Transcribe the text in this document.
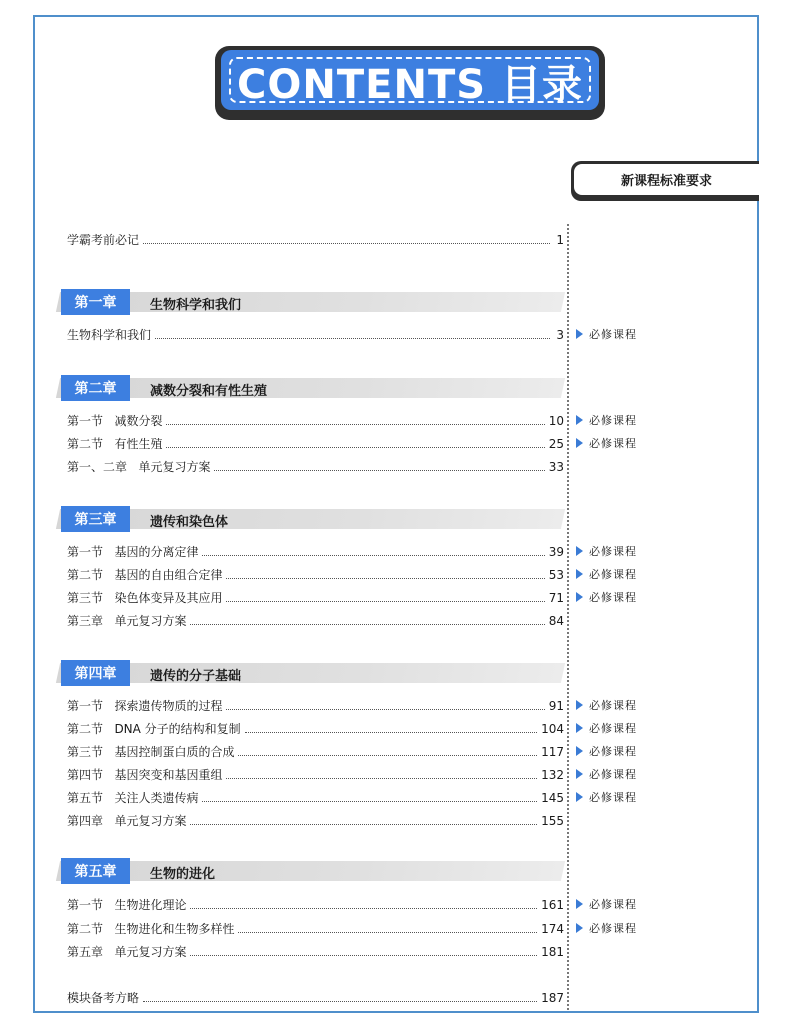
CONTENTS 目录
新课程标准要求
学霸考前必记	1
第一章	生物科学和我们
生物科学和我们	3 必修课程
第二章	减数分裂和有性生殖
第一节   减数分裂	10 必修课程
第二节   有性生殖	25 必修课程
第一、二章   单元复习方案	33
第三章	遗传和染色体
第一节   基因的分离定律	39 必修课程
第二节   基因的自由组合定律	53 必修课程
第三节   染色体变异及其应用	71 必修课程
第三章   单元复习方案	84
第四章	遗传的分子基础
第一节   探索遗传物质的过程	91 必修课程
第二节   DNA 分子的结构和复制	104 必修课程
第三节   基因控制蛋白质的合成	117 必修课程
第四节   基因突变和基因重组	132 必修课程
第五节   关注人类遗传病	145 必修课程
第四章   单元复习方案	155
第五章	生物的进化
第一节   生物进化理论	161 必修课程
第二节   生物进化和生物多样性	174 必修课程
第五章   单元复习方案	181
模块备考方略	187
